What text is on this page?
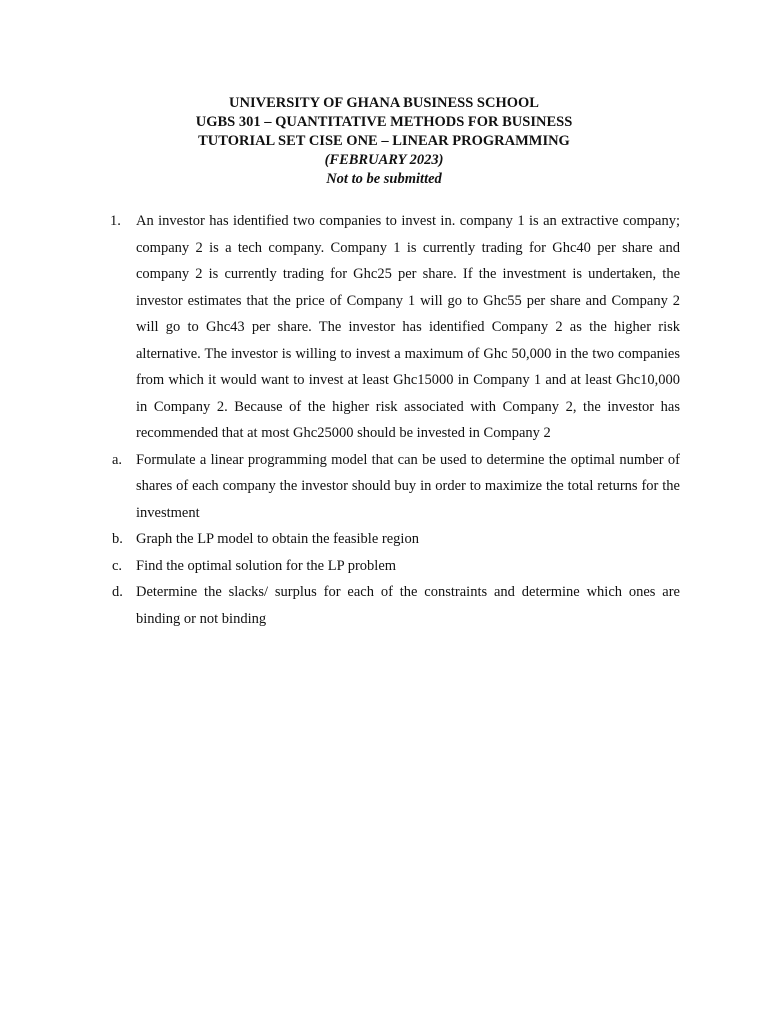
UNIVERSITY OF GHANA BUSINESS SCHOOL
UGBS 301 – QUANTITATIVE METHODS FOR BUSINESS
TUTORIAL SET CISE ONE – LINEAR PROGRAMMING
(FEBRUARY 2023)
Not to be submitted
1. An investor has identified two companies to invest in. company 1 is an extractive company; company 2 is a tech company. Company 1 is currently trading for Ghc40 per share and company 2 is currently trading for Ghc25 per share. If the investment is undertaken, the investor estimates that the price of Company 1 will go to Ghc55 per share and Company 2 will go to Ghc43 per share. The investor has identified Company 2 as the higher risk alternative. The investor is willing to invest a maximum of Ghc 50,000 in the two companies from which it would want to invest at least Ghc15000 in Company 1 and at least Ghc10,000 in Company 2. Because of the higher risk associated with Company 2, the investor has recommended that at most Ghc25000 should be invested in Company 2
a. Formulate a linear programming model that can be used to determine the optimal number of shares of each company the investor should buy in order to maximize the total returns for the investment
b. Graph the LP model to obtain the feasible region
c. Find the optimal solution for the LP problem
d. Determine the slacks/ surplus for each of the constraints and determine which ones are binding or not binding
